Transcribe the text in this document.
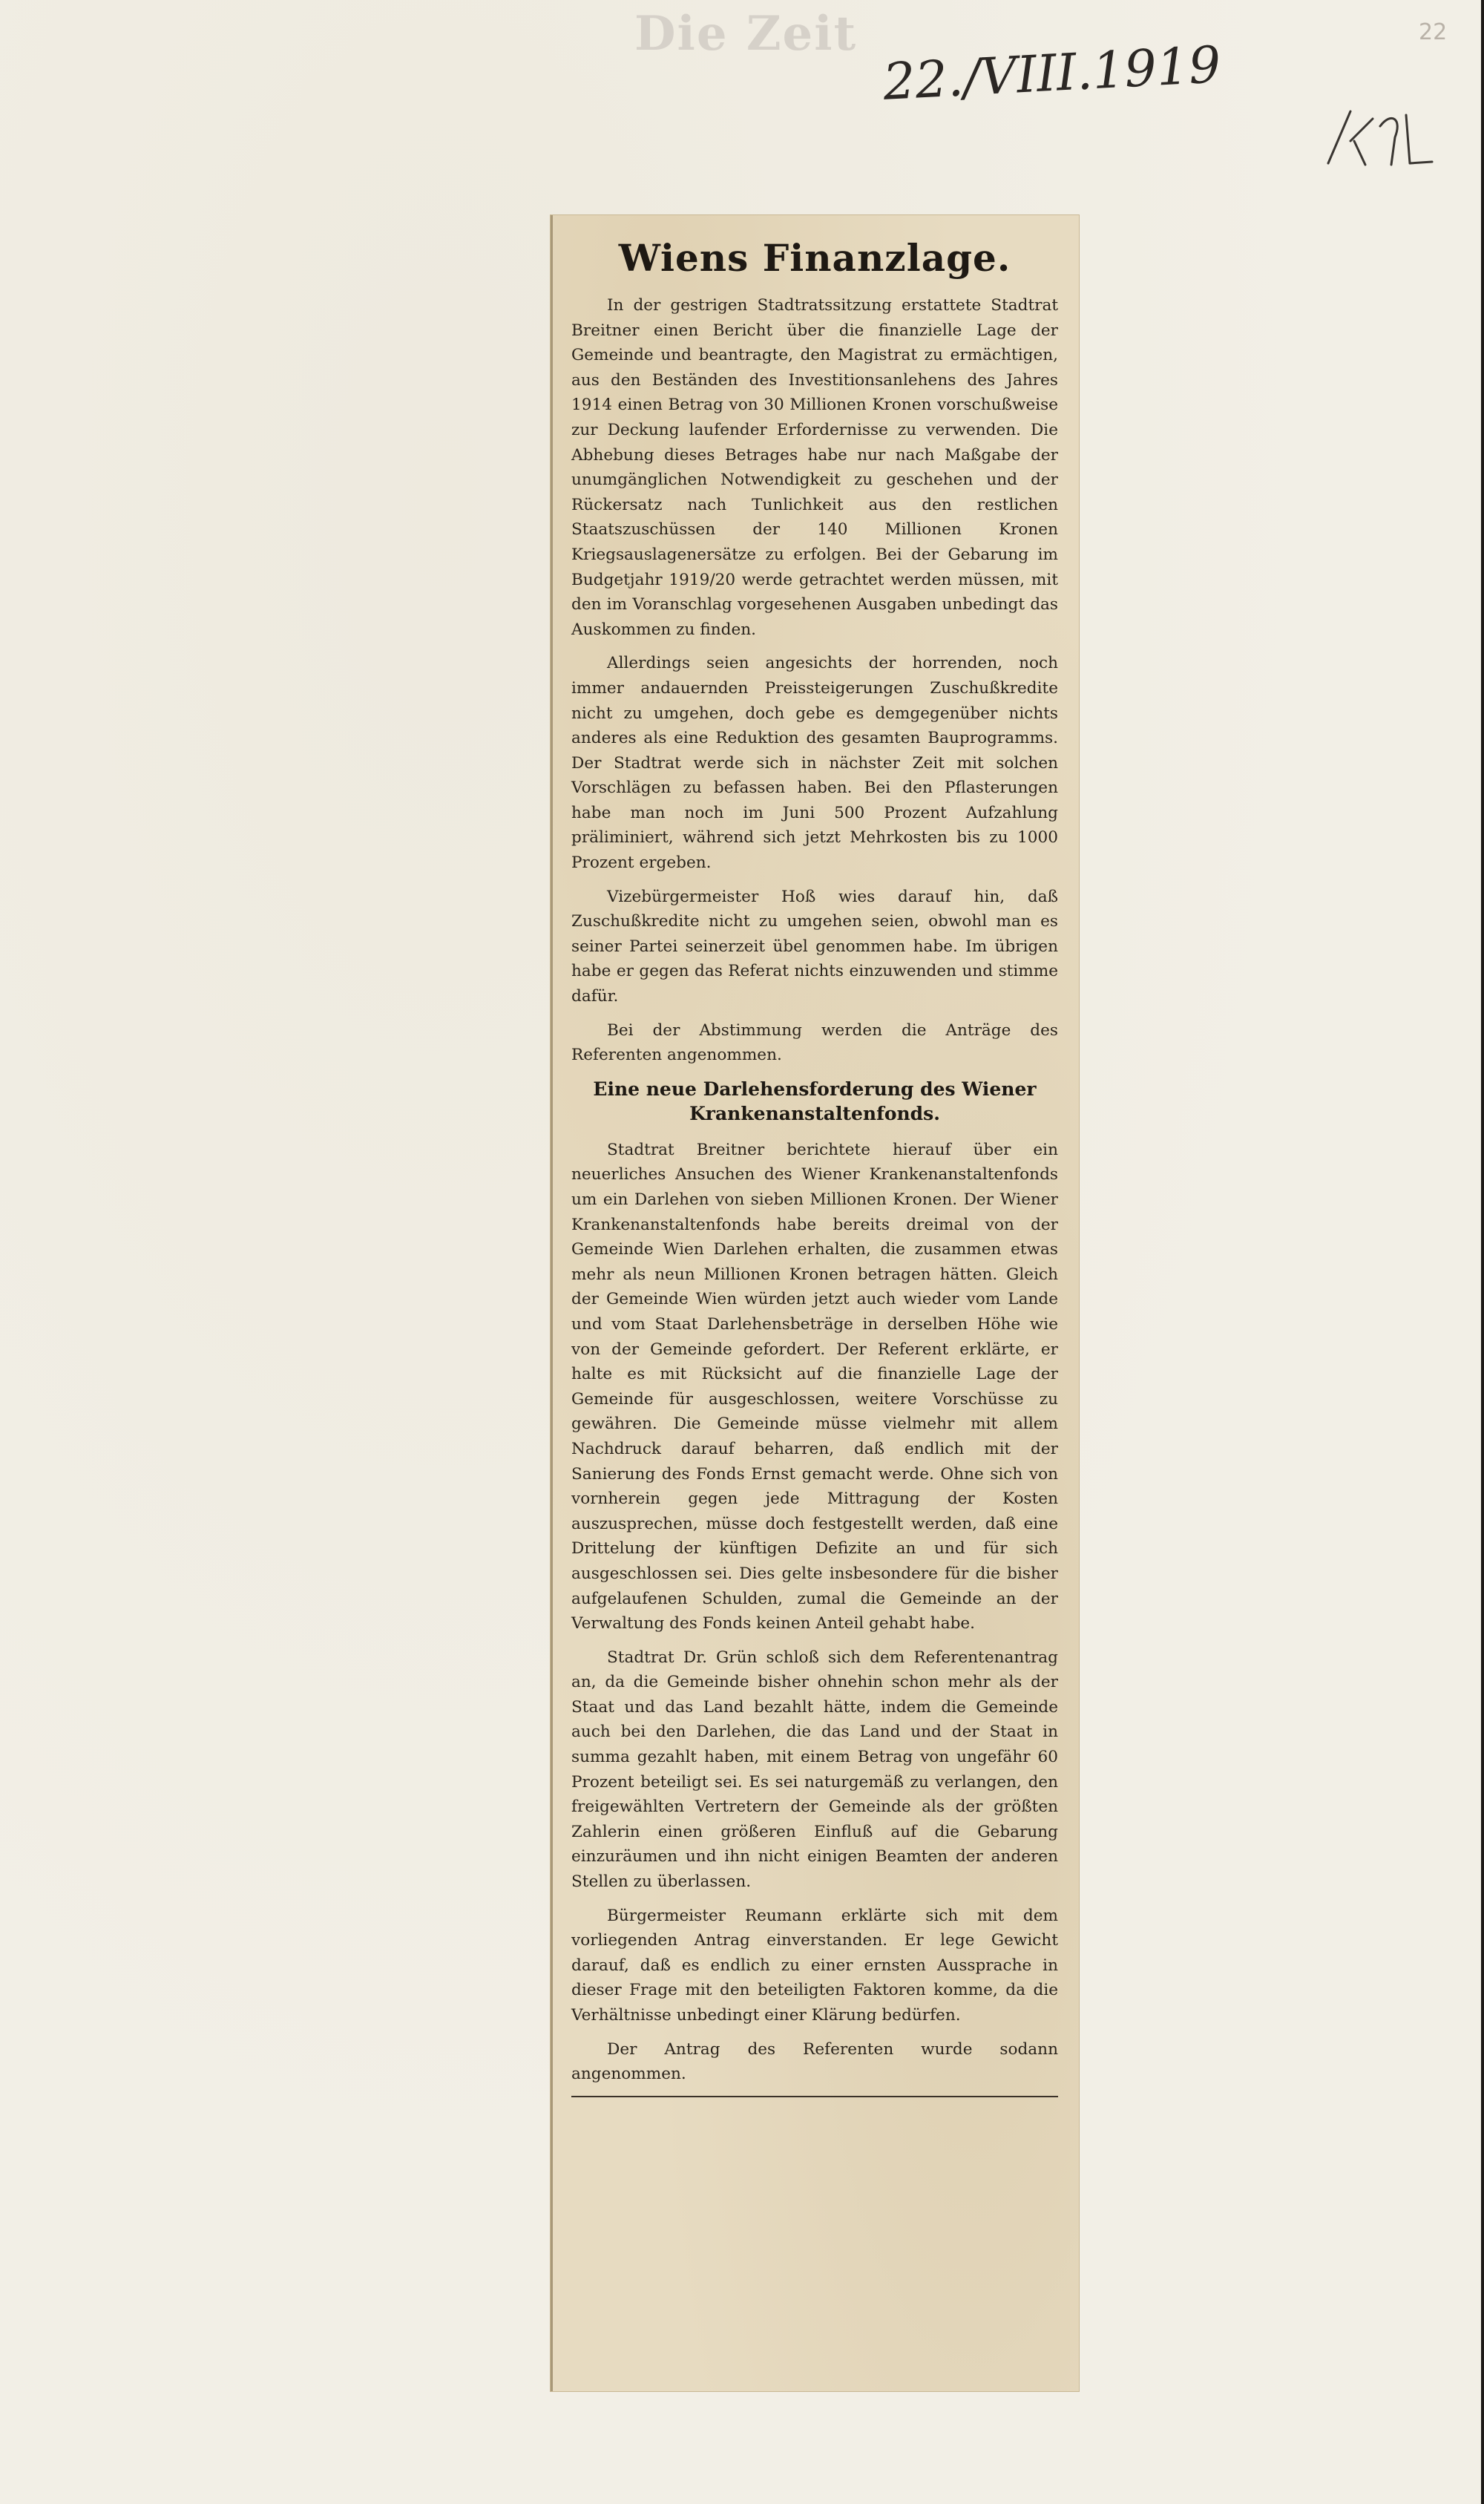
Die Zeit
22./VIII.1919
22
Wiens Finanzlage.

In der gestrigen Stadtratssitzung erstattete Stadtrat Breitner einen Bericht über die finanzielle Lage der Gemeinde und beantragte, den Magistrat zu ermächtigen, aus den Beständen des Investitionsanlehens des Jahres 1914 einen Betrag von 30 Millionen Kronen vorschußweise zur Deckung laufender Erfordernisse zu verwenden. Die Abhebung dieses Betrages habe nur nach Maßgabe der unumgänglichen Notwendigkeit zu geschehen und der Rückersatz nach Tunlichkeit aus den restlichen Staatszuschüssen der 140 Millionen Kronen Kriegsauslagenersätze zu erfolgen. Bei der Gebarung im Budgetjahr 1919/20 werde getrachtet werden müssen, mit den im Voranschlag vorgesehenen Ausgaben unbedingt das Auskommen zu finden.

Allerdings seien angesichts der horrenden, noch immer andauernden Preissteigerungen Zuschußkredite nicht zu umgehen, doch gebe es demgegenüber nichts anderes als eine Reduktion des gesamten Bauprogramms. Der Stadtrat werde sich in nächster Zeit mit solchen Vorschlägen zu befassen haben. Bei den Pflasterungen habe man noch im Juni 500 Prozent Aufzahlung präliminiert, während sich jetzt Mehrkosten bis zu 1000 Prozent ergeben.

Vizebürgermeister Hoß wies darauf hin, daß Zuschußkredite nicht zu umgehen seien, obwohl man es seiner Partei seinerzeit übel genommen habe. Im übrigen habe er gegen das Referat nichts einzuwenden und stimme dafür.

Bei der Abstimmung werden die Anträge des Referenten angenommen.

Eine neue Darlehensforderung des Wiener Krankenanstaltenfonds.

Stadtrat Breitner berichtete hierauf über ein neuerliches Ansuchen des Wiener Krankenanstaltenfonds um ein Darlehen von sieben Millionen Kronen. Der Wiener Krankenanstaltenfonds habe bereits dreimal von der Gemeinde Wien Darlehen erhalten, die zusammen etwas mehr als neun Millionen Kronen betragen hätten. Gleich der Gemeinde Wien würden jetzt auch wieder vom Lande und vom Staat Darlehensbeträge in derselben Höhe wie von der Gemeinde gefordert. Der Referent erklärte, er halte es mit Rücksicht auf die finanzielle Lage der Gemeinde für ausgeschlossen, weitere Vorschüsse zu gewähren. Die Gemeinde müsse vielmehr mit allem Nachdruck darauf beharren, daß endlich mit der Sanierung des Fonds Ernst gemacht werde. Ohne sich von vornherein gegen jede Mittragung der Kosten auszusprechen, müsse doch festgestellt werden, daß eine Drittelung der künftigen Defizite an und für sich ausgeschlossen sei. Dies gelte insbesondere für die bisher aufgelaufenen Schulden, zumal die Gemeinde an der Verwaltung des Fonds keinen Anteil gehabt habe.

Stadtrat Dr. Grün schloß sich dem Referentenantrag an, da die Gemeinde bisher ohnehin schon mehr als der Staat und das Land bezahlt hätte, indem die Gemeinde auch bei den Darlehen, die das Land und der Staat in summa gezahlt haben, mit einem Betrag von ungefähr 60 Prozent beteiligt sei. Es sei naturgemäß zu verlangen, den freigewählten Vertretern der Gemeinde als der größten Zahlerin einen größeren Einfluß auf die Gebarung einzuräumen und ihn nicht einigen Beamten der anderen Stellen zu überlassen.

Bürgermeister Reumann erklärte sich mit dem vorliegenden Antrag einverstanden. Er lege Gewicht darauf, daß es endlich zu einer ernsten Aussprache in dieser Frage mit den beteiligten Faktoren komme, da die Verhältnisse unbedingt einer Klärung bedürfen.

Der Antrag des Referenten wurde sodann angenommen.
